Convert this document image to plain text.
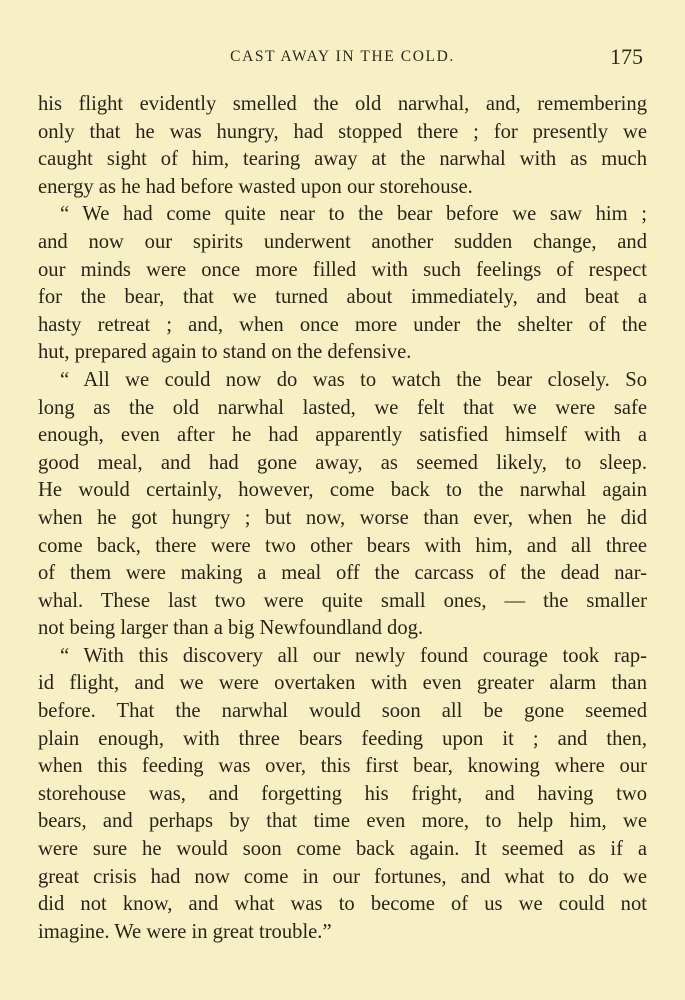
CAST AWAY IN THE COLD.	175
his flight evidently smelled the old narwhal, and, remembering
only that he was hungry, had stopped there ; for presently we
caught sight of him, tearing away at the narwhal with as much
energy as he had before wasted upon our storehouse.
“ We had come quite near to the bear before we saw him ;
and now our spirits underwent another sudden change, and
our minds were once more filled with such feelings of respect
for the bear, that we turned about immediately, and beat a
hasty retreat ; and, when once more under the shelter of the
hut, prepared again to stand on the defensive.
“ All we could now do was to watch the bear closely. So
long as the old narwhal lasted, we felt that we were safe
enough, even after he had apparently satisfied himself with a
good meal, and had gone away, as seemed likely, to sleep.
He would certainly, however, come back to the narwhal again
when he got hungry ; but now, worse than ever, when he did
come back, there were two other bears with him, and all three
of them were making a meal off the carcass of the dead nar-
whal. These last two were quite small ones, — the smaller
not being larger than a big Newfoundland dog.
“ With this discovery all our newly found courage took rap-
id flight, and we were overtaken with even greater alarm than
before. That the narwhal would soon all be gone seemed
plain enough, with three bears feeding upon it ; and then,
when this feeding was over, this first bear, knowing where our
storehouse was, and forgetting his fright, and having two
bears, and perhaps by that time even more, to help him, we
were sure he would soon come back again. It seemed as if a
great crisis had now come in our fortunes, and what to do we
did not know, and what was to become of us we could not
imagine. We were in great trouble.”
